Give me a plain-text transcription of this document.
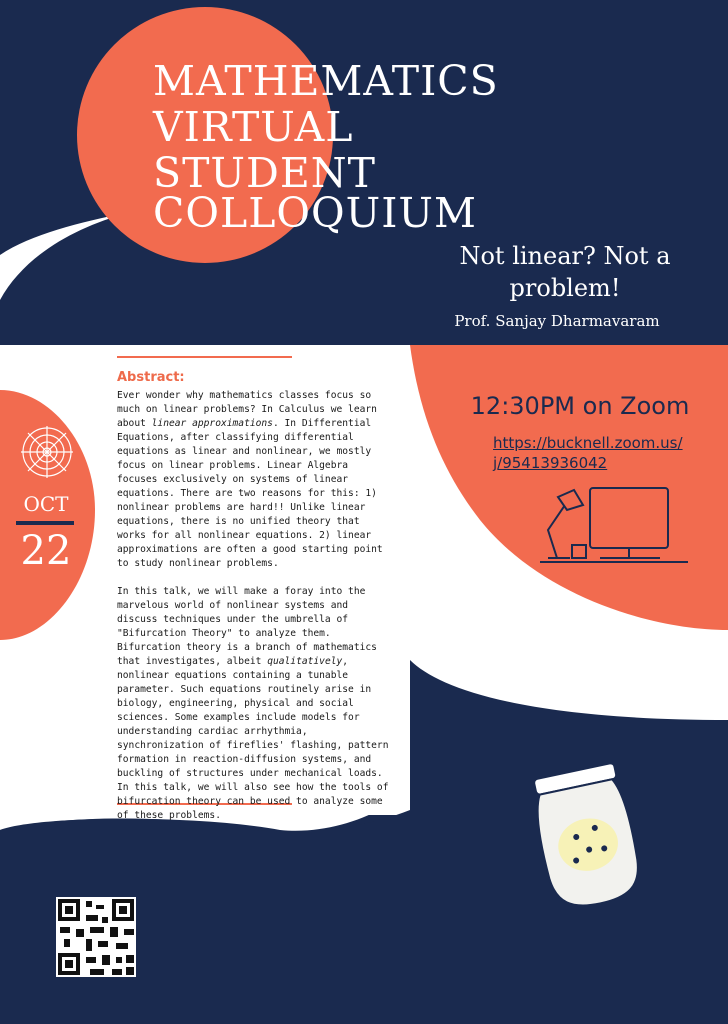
MATHEMATICS
VIRTUAL
STUDENT
COLLOQUIUM
Not linear? Not a problem!
Prof. Sanjay Dharmavaram
Abstract:

Ever wonder why mathematics classes focus so much on linear problems? In Calculus we learn about linear approximations. In Differential Equations, after classifying differential equations as linear and nonlinear, we mostly focus on linear problems. Linear Algebra focuses exclusively on systems of linear equations. There are two reasons for this: 1) nonlinear problems are hard!! Unlike linear equations, there is no unified theory that works for all nonlinear equations. 2) linear approximations are often a good starting point to study nonlinear problems.

In this talk, we will make a foray into the marvelous world of nonlinear systems and discuss techniques under the umbrella of "Bifurcation Theory" to analyze them. Bifurcation theory is a branch of mathematics that investigates, albeit qualitatively, nonlinear equations containing a tunable parameter. Such equations routinely arise in biology, engineering, physical and social sciences. Some examples include models for understanding cardiac arrhythmia, synchronization of fireflies' flashing, pattern formation in reaction-diffusion systems, and buckling of structures under mechanical loads. In this talk, we will also see how the tools of bifurcation theory can be used to analyze some of these problems.

OCT
22
12:30PM on Zoom
https://bucknell.zoom.us/j/95413936042
